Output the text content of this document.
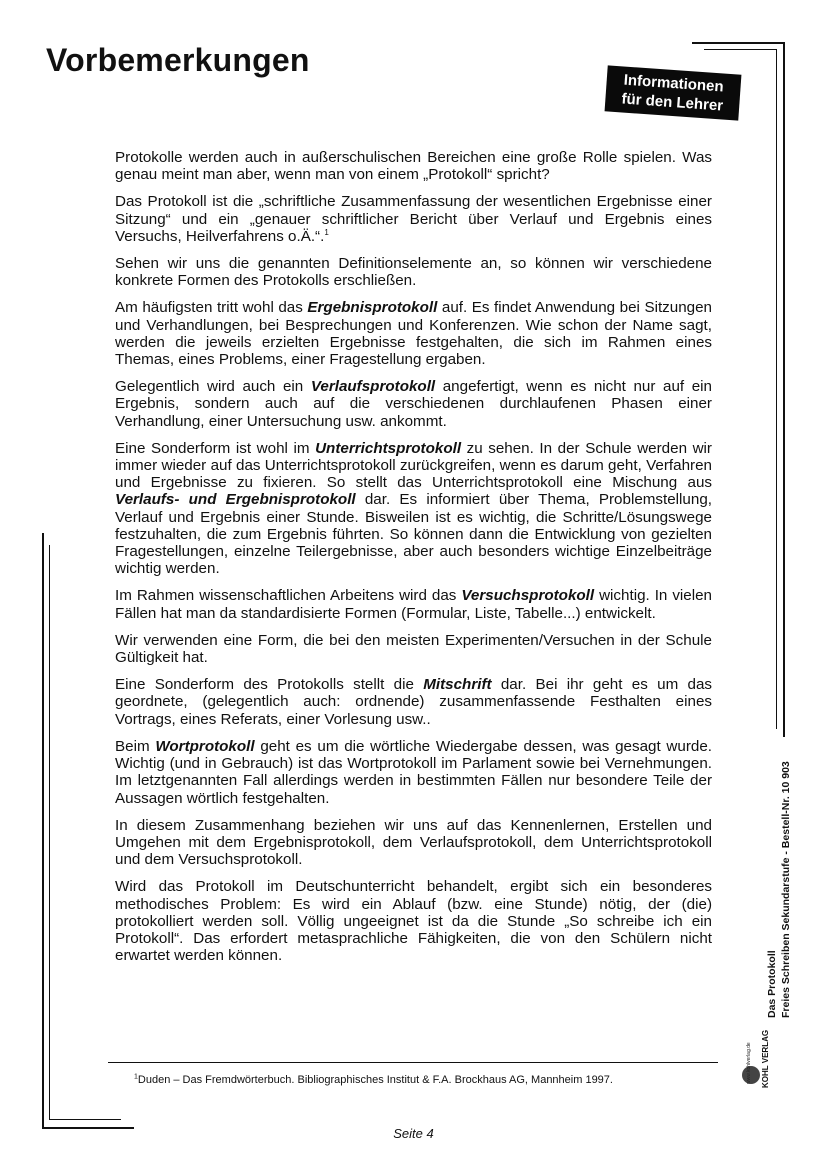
Vorbemerkungen
Informationen
für den Lehrer

Protokolle werden auch in außerschulischen Bereichen eine große Rolle spielen. Was genau meint man aber, wenn man von einem „Protokoll“ spricht?

Das Protokoll ist die „schriftliche Zusammenfassung der wesentlichen Ergebnisse einer Sitzung“ und ein „genauer schriftlicher Bericht über Verlauf und Ergebnis eines Versuchs, Heilverfahrens o.Ä.“.$^1$

Sehen wir uns die genannten Definitionselemente an, so können wir verschiedene konkrete Formen des Protokolls erschließen.

Am häufigsten tritt wohl das Ergebnisprotokoll auf. Es findet Anwendung bei Sitzungen und Verhandlungen, bei Besprechungen und Konferenzen. Wie schon der Name sagt, werden die jeweils erzielten Ergebnisse festgehalten, die sich im Rahmen eines Themas, eines Problems, einer Fragestellung ergaben.

Gelegentlich wird auch ein Verlaufsprotokoll angefertigt, wenn es nicht nur auf ein Ergebnis, sondern auch auf die verschiedenen durchlaufenen Phasen einer Verhandlung, einer Untersuchung usw. ankommt.

Eine Sonderform ist wohl im Unterrichtsprotokoll zu sehen. In der Schule werden wir immer wieder auf das Unterrichtsprotokoll zurückgreifen, wenn es darum geht, Verfahren und Ergebnisse zu fixieren. So stellt das Unterrichtsprotokoll eine Mischung aus Verlaufs- und Ergebnisprotokoll dar. Es informiert über Thema, Problemstellung, Verlauf und Ergebnis einer Stunde. Bisweilen ist es wichtig, die Schritte/Lösungswege festzuhalten, die zum Ergebnis führten. So können dann die Entwicklung von gezielten Fragestellungen, einzelne Teilergebnisse, aber auch besonders wichtige Einzelbeiträge wichtig werden.

Im Rahmen wissenschaftlichen Arbeitens wird das Versuchsprotokoll wichtig. In vielen Fällen hat man da standardisierte Formen (Formular, Liste, Tabelle...) entwickelt.

Wir verwenden eine Form, die bei den meisten Experimenten/Versuchen in der Schule Gültigkeit hat.

Eine Sonderform des Protokolls stellt die Mitschrift dar. Bei ihr geht es um das geordnete, (gelegentlich auch: ordnende) zusammenfassende Festhalten eines Vortrags, eines Referats, einer Vorlesung usw..

Beim Wortprotokoll geht es um die wörtliche Wiedergabe dessen, was gesagt wurde. Wichtig (und in Gebrauch) ist das Wortprotokoll im Parlament sowie bei Vernehmungen. Im letztgenannten Fall allerdings werden in bestimmten Fällen nur besondere Teile der Aussagen wörtlich festgehalten.

In diesem Zusammenhang beziehen wir uns auf das Kennenlernen, Erstellen und Umgehen mit dem Ergebnisprotokoll, dem Verlaufsprotokoll, dem Unterrichtsprotokoll und dem Versuchsprotokoll.

Wird das Protokoll im Deutschunterricht behandelt, ergibt sich ein besonderes methodisches Problem: Es wird ein Ablauf (bzw. eine Stunde) nötig, der (die) protokolliert werden soll. Völlig ungeeignet ist da die Stunde „So schreibe ich ein Protokoll“. Das erfordert metasprachliche Fähigkeiten, die von den Schülern nicht erwartet werden können.

$^1$Duden – Das Fremdwörterbuch. Bibliographisches Institut & F.A. Brockhaus AG, Mannheim 1997.
Seite 4
Das Protokoll Freies Schreiben Sekundarstufe - Bestell-Nr. 10 903
KOHL VERLAG
www.kohlverlag.de
